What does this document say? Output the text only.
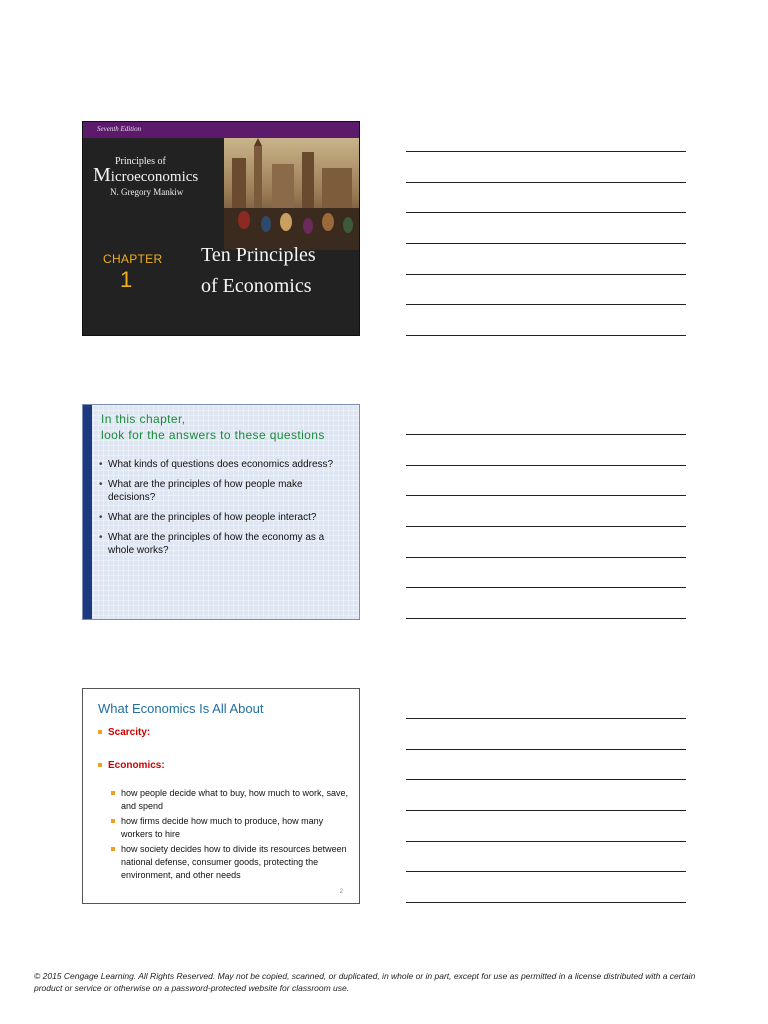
Seventh Edition
Principles of
Microeconomics
N. Gregory Mankiw
CHAPTER
1
Ten Principles
of Economics
In this chapter,
look for the answers to these questions
• What kinds of questions does economics address?
• What are the principles of how people make decisions?
• What are the principles of how people interact?
• What are the principles of how the economy as a whole works?
What Economics Is All About
Scarcity:
Economics:
how people decide what to buy, how much to work, save, and spend
how firms decide how much to produce, how many workers to hire
how society decides how to divide its resources between national defense, consumer goods, protecting the environment, and other needs
2
© 2015 Cengage Learning. All Rights Reserved. May not be copied, scanned, or duplicated, in whole or in part, except for use as permitted in a license distributed with a certain product or service or otherwise on a password-protected website for classroom use.
